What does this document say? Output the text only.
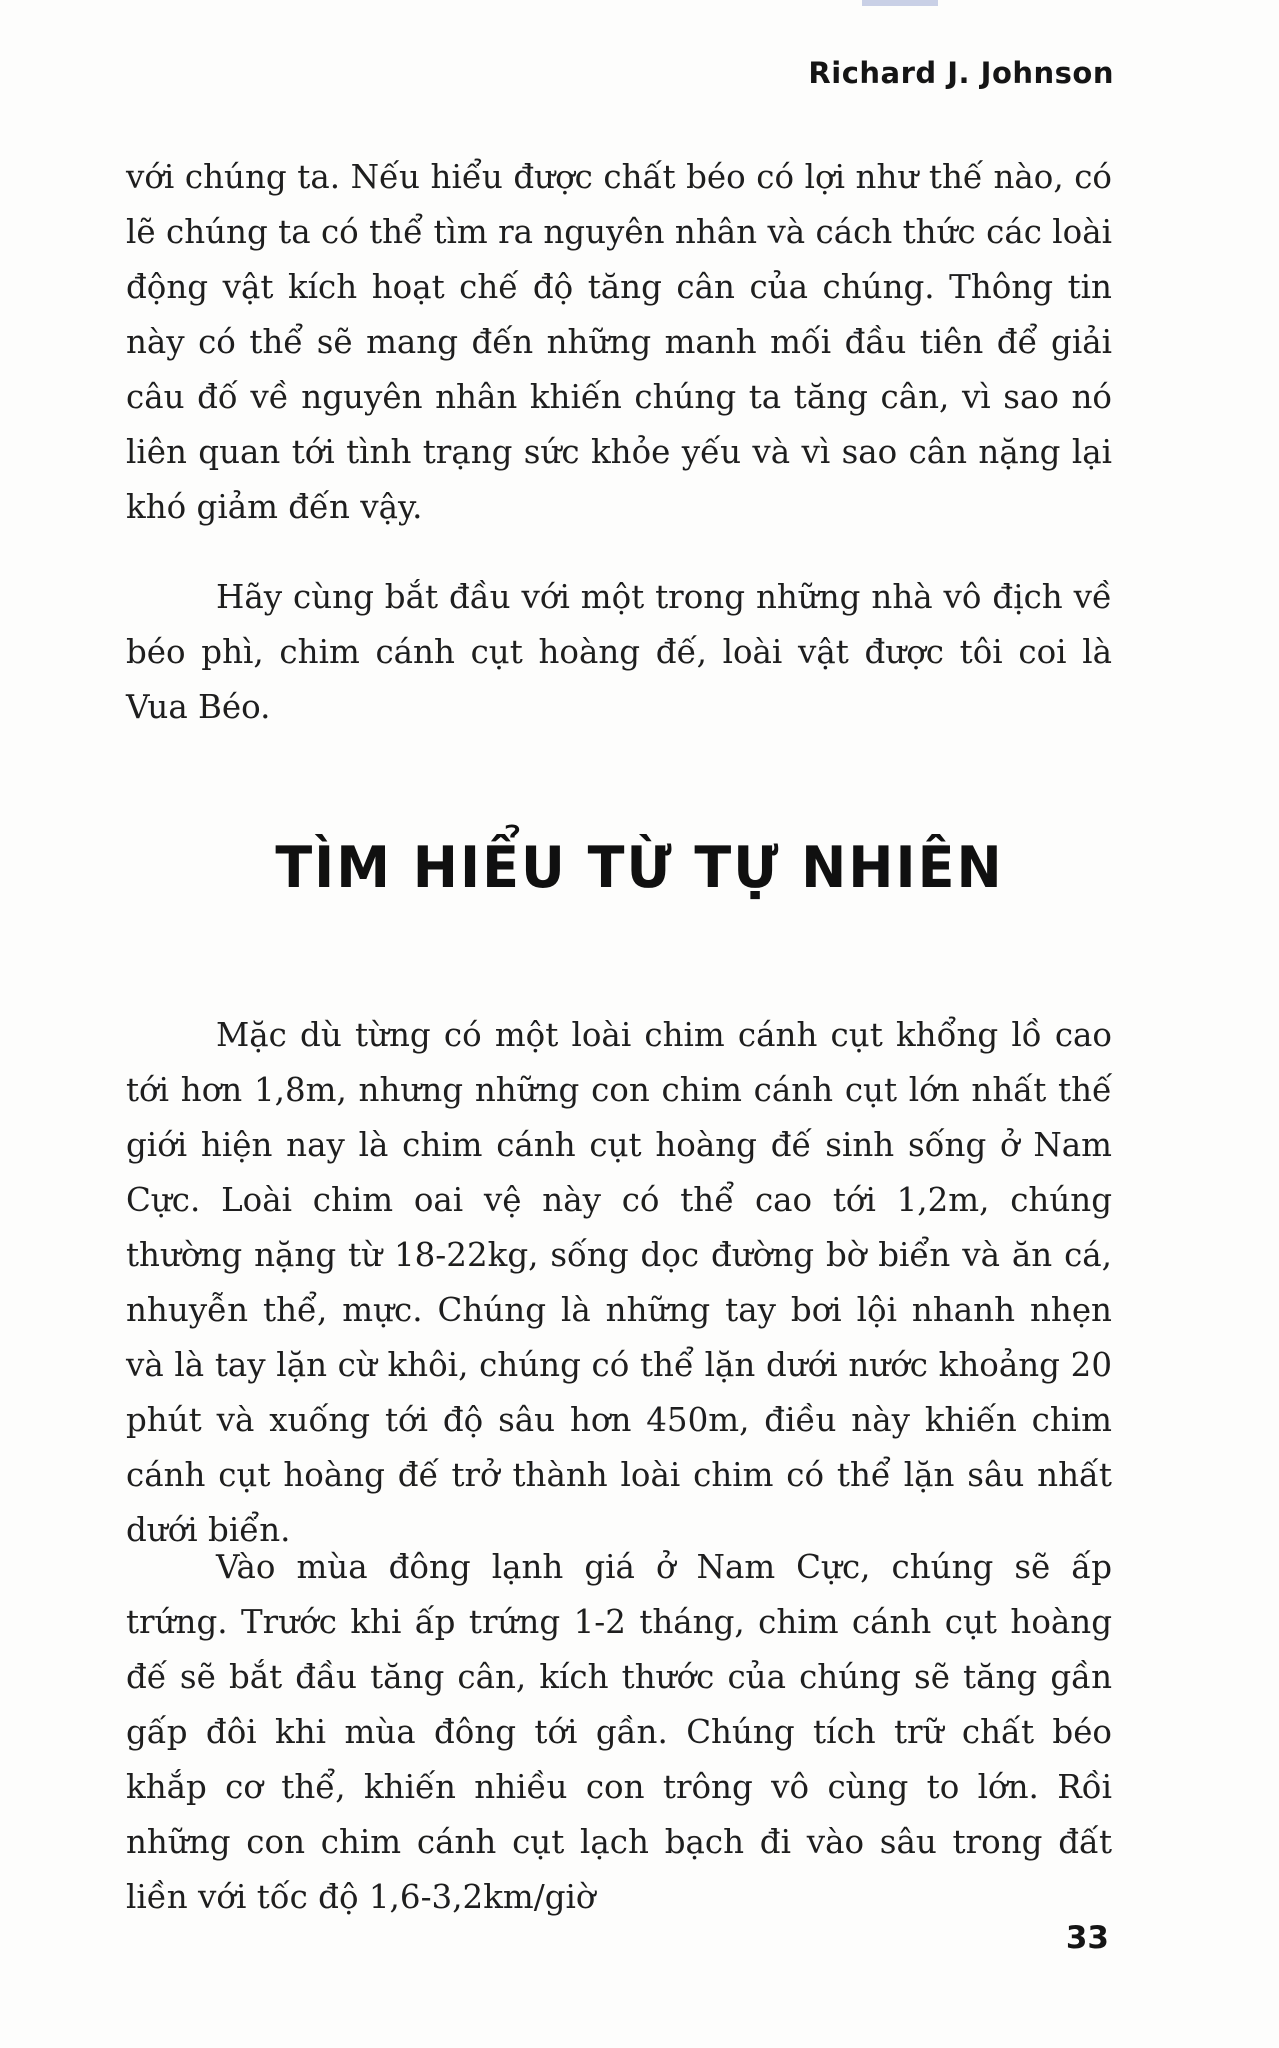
Richard J. Johnson

với chúng ta. Nếu hiểu được chất béo có lợi như thế nào, có lẽ chúng ta có thể tìm ra nguyên nhân và cách thức các loài động vật kích hoạt chế độ tăng cân của chúng. Thông tin này có thể sẽ mang đến những manh mối đầu tiên để giải câu đố về nguyên nhân khiến chúng ta tăng cân, vì sao nó liên quan tới tình trạng sức khỏe yếu và vì sao cân nặng lại khó giảm đến vậy.

Hãy cùng bắt đầu với một trong những nhà vô địch về béo phì, chim cánh cụt hoàng đế, loài vật được tôi coi là Vua Béo.

TÌM HIỂU TỪ TỰ NHIÊN

Mặc dù từng có một loài chim cánh cụt khổng lồ cao tới hơn 1,8m, nhưng những con chim cánh cụt lớn nhất thế giới hiện nay là chim cánh cụt hoàng đế sinh sống ở Nam Cực. Loài chim oai vệ này có thể cao tới 1,2m, chúng thường nặng từ 18-22kg, sống dọc đường bờ biển và ăn cá, nhuyễn thể, mực. Chúng là những tay bơi lội nhanh nhẹn và là tay lặn cừ khôi, chúng có thể lặn dưới nước khoảng 20 phút và xuống tới độ sâu hơn 450m, điều này khiến chim cánh cụt hoàng đế trở thành loài chim có thể lặn sâu nhất dưới biển.

Vào mùa đông lạnh giá ở Nam Cực, chúng sẽ ấp trứng. Trước khi ấp trứng 1-2 tháng, chim cánh cụt hoàng đế sẽ bắt đầu tăng cân, kích thước của chúng sẽ tăng gần gấp đôi khi mùa đông tới gần. Chúng tích trữ chất béo khắp cơ thể, khiến nhiều con trông vô cùng to lớn. Rồi những con chim cánh cụt lạch bạch đi vào sâu trong đất liền với tốc độ 1,6-3,2km/giờ

33
